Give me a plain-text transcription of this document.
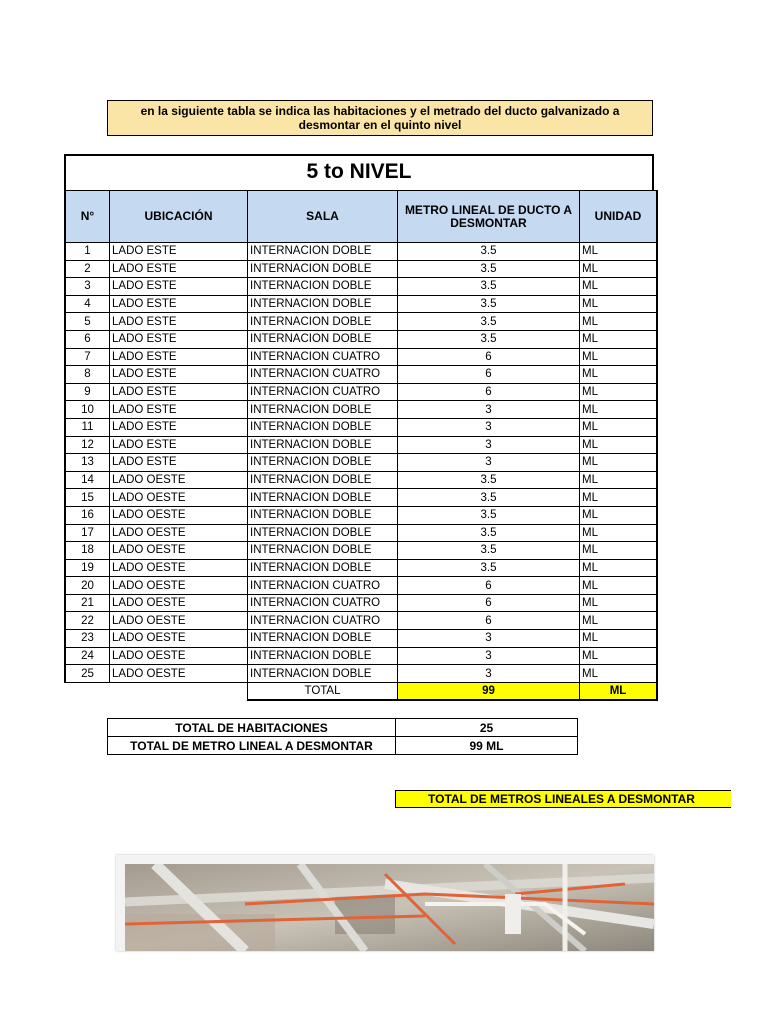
en la siguiente tabla se indica las habitaciones y el metrado del ducto galvanizado a
desmontar en el quinto nivel
5 to NIVEL
N°	UBICACIÓN	SALA	METRO LINEAL DE DUCTO A DESMONTAR	UNIDAD
1	LADO ESTE	INTERNACION DOBLE	3.5	ML
2	LADO ESTE	INTERNACION DOBLE	3.5	ML
3	LADO ESTE	INTERNACION DOBLE	3.5	ML
4	LADO ESTE	INTERNACION DOBLE	3.5	ML
5	LADO ESTE	INTERNACION DOBLE	3.5	ML
6	LADO ESTE	INTERNACION DOBLE	3.5	ML
7	LADO ESTE	INTERNACION CUATRO	6	ML
8	LADO ESTE	INTERNACION CUATRO	6	ML
9	LADO ESTE	INTERNACION CUATRO	6	ML
10	LADO ESTE	INTERNACION DOBLE	3	ML
11	LADO ESTE	INTERNACION DOBLE	3	ML
12	LADO ESTE	INTERNACION DOBLE	3	ML
13	LADO ESTE	INTERNACION DOBLE	3	ML
14	LADO OESTE	INTERNACION DOBLE	3.5	ML
15	LADO OESTE	INTERNACION DOBLE	3.5	ML
16	LADO OESTE	INTERNACION DOBLE	3.5	ML
17	LADO OESTE	INTERNACION DOBLE	3.5	ML
18	LADO OESTE	INTERNACION DOBLE	3.5	ML
19	LADO OESTE	INTERNACION DOBLE	3.5	ML
20	LADO OESTE	INTERNACION CUATRO	6	ML
21	LADO OESTE	INTERNACION CUATRO	6	ML
22	LADO OESTE	INTERNACION CUATRO	6	ML
23	LADO OESTE	INTERNACION DOBLE	3	ML
24	LADO OESTE	INTERNACION DOBLE	3	ML
25	LADO OESTE	INTERNACION DOBLE	3	ML
		TOTAL	99	ML
TOTAL DE HABITACIONES	25
TOTAL DE METRO LINEAL A DESMONTAR	99 ML
TOTAL DE METROS LINEALES A DESMONTAR
